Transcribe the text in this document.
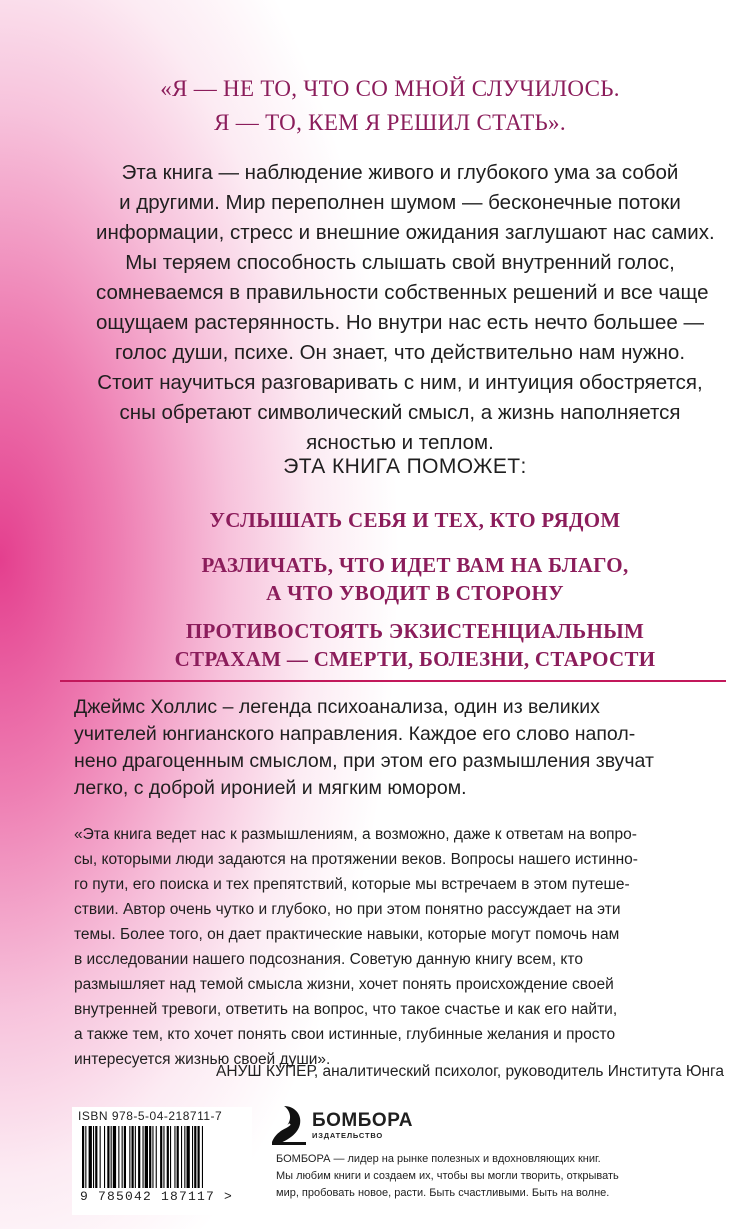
«Я — НЕ ТО, ЧТО СО МНОЙ СЛУЧИЛОСЬ.
Я — ТО, КЕМ Я РЕШИЛ СТАТЬ».
Эта книга — наблюдение живого и глубокого ума за собой
и другими. Мир переполнен шумом — бесконечные потоки
информации, стресс и внешние ожидания заглушают нас самих.
Мы теряем способность слышать свой внутренний голос,
сомневаемся в правильности собственных решений и все чаще
ощущаем растерянность. Но внутри нас есть нечто большее —
голос души, психе. Он знает, что действительно нам нужно.
Стоит научиться разговаривать с ним, и интуиция обостряется,
сны обретают символический смысл, а жизнь наполняется
ясностью и теплом.
ЭТА КНИГА ПОМОЖЕТ:
УСЛЫШАТЬ СЕБЯ И ТЕХ, КТО РЯДОМ
РАЗЛИЧАТЬ, ЧТО ИДЕТ ВАМ НА БЛАГО,
А ЧТО УВОДИТ В СТОРОНУ
ПРОТИВОСТОЯТЬ ЭКЗИСТЕНЦИАЛЬНЫМ
СТРАХАМ — СМЕРТИ, БОЛЕЗНИ, СТАРОСТИ
Джеймс Холлис – легенда психоанализа, один из великих
учителей юнгианского направления. Каждое его слово напол-
нено драгоценным смыслом, при этом его размышления звучат
легко, с доброй иронией и мягким юмором.
«Эта книга ведет нас к размышлениям, а возможно, даже к ответам на вопро-
сы, которыми люди задаются на протяжении веков. Вопросы нашего истинно-
го пути, его поиска и тех препятствий, которые мы встречаем в этом путеше-
ствии. Автор очень чутко и глубоко, но при этом понятно рассуждает на эти
темы. Более того, он дает практические навыки, которые могут помочь нам
в исследовании нашего подсознания. Советую данную книгу всем, кто
размышляет над темой смысла жизни, хочет понять происхождение своей
внутренней тревоги, ответить на вопрос, что такое счастье и как его найти,
а также тем, кто хочет понять свои истинные, глубинные желания и просто
интересуется жизнью своей души».
АНУШ КУПЕР, аналитический психолог, руководитель Института Юнга
ISBN 978-5-04-218711-7
9 785042 187117 >
БОМБОРА
ИЗДАТЕЛЬСТВО
БОМБОРА — лидер на рынке полезных и вдохновляющих книг.
Мы любим книги и создаем их, чтобы вы могли творить, открывать
мир, пробовать новое, расти. Быть счастливыми. Быть на волне.
